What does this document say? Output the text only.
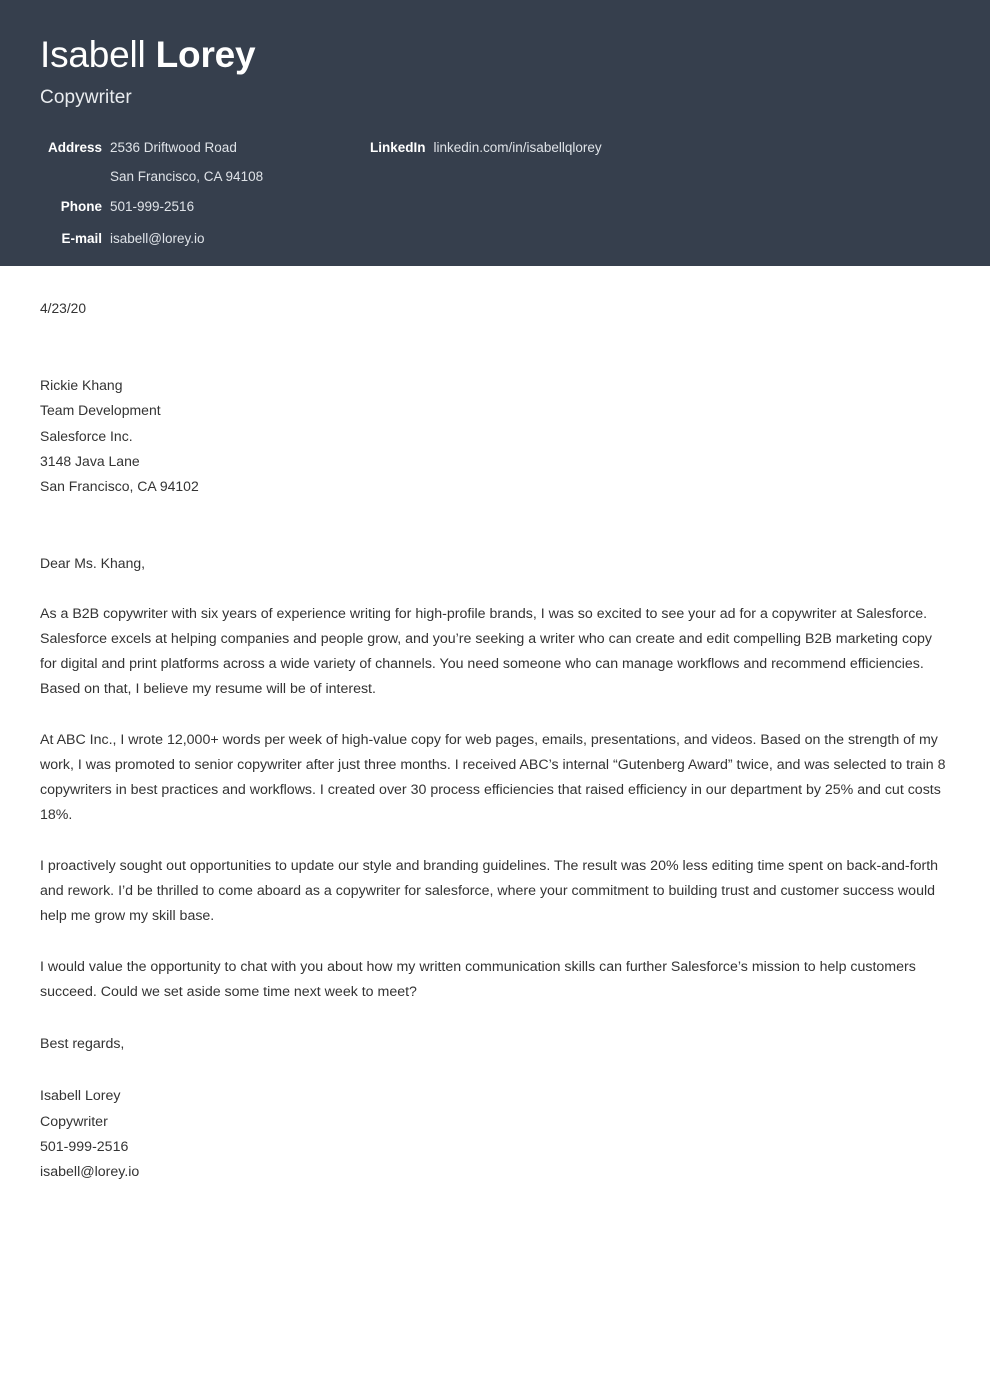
Isabell Lorey
Copywriter
Address 2536 Driftwood Road
San Francisco, CA 94108
Phone 501-999-2516
E-mail isabell@lorey.io
LinkedIn linkedin.com/in/isabellqlorey
4/23/20
Rickie Khang
Team Development
Salesforce Inc.
3148 Java Lane
San Francisco, CA 94102
Dear Ms. Khang,

As a B2B copywriter with six years of experience writing for high-profile brands, I was so excited to see your ad for a copywriter at Salesforce. Salesforce excels at helping companies and people grow, and you’re seeking a writer who can create and edit compelling B2B marketing copy for digital and print platforms across a wide variety of channels. You need someone who can manage workflows and recommend efficiencies. Based on that, I believe my resume will be of interest.

At ABC Inc., I wrote 12,000+ words per week of high-value copy for web pages, emails, presentations, and videos. Based on the strength of my work, I was promoted to senior copywriter after just three months. I received ABC’s internal “Gutenberg Award” twice, and was selected to train 8 copywriters in best practices and workflows. I created over 30 process efficiencies that raised efficiency in our department by 25% and cut costs 18%.

I proactively sought out opportunities to update our style and branding guidelines. The result was 20% less editing time spent on back-and-forth and rework. I’d be thrilled to come aboard as a copywriter for salesforce, where your commitment to building trust and customer success would help me grow my skill base.

I would value the opportunity to chat with you about how my written communication skills can further Salesforce’s mission to help customers succeed. Could we set aside some time next week to meet?

Best regards,
Isabell Lorey
Copywriter
501-999-2516
isabell@lorey.io
